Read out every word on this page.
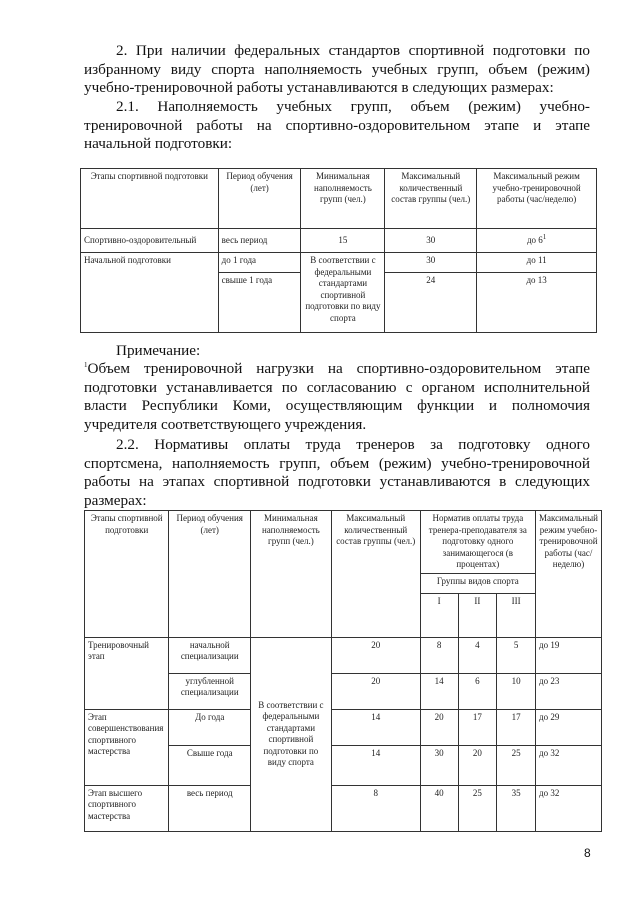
2. При наличии федеральных стандартов спортивной подготовки по избранному виду спорта наполняемость учебных групп, объем (режим) учебно-тренировочной работы устанавливаются в следующих размерах:
2.1. Наполняемость учебных групп, объем (режим) учебно-тренировочной работы на спортивно-оздоровительном этапе и этапе начальной подготовки:
Этапы спортивной подготовки	Период обучения (лет)	Минимальная наполняемость групп (чел.)	Максимальный количественный состав группы (чел.)	Максимальный режим учебно-тренировочной работы (час/неделю)
Спортивно-оздоровительный	весь период	15	30	до $6^1$
Начальной подготовки	до 1 года	В соответствии с федеральными стандартами спортивной подготовки по виду спорта	30	до 11
	свыше 1 года		24	до 13
Примечание:
$^1$Объем тренировочной нагрузки на спортивно-оздоровительном этапе подготовки устанавливается по согласованию с органом исполнительной власти Республики Коми, осуществляющим функции и полномочия учредителя соответствующего учреждения.
2.2. Нормативы оплаты труда тренеров за подготовку одного спортсмена, наполняемость групп, объем (режим) учебно-тренировочной работы на этапах спортивной подготовки устанавливаются в следующих размерах:
Этапы спортивной подготовки	Период обучения (лет)	Минимальная наполняемость групп (чел.)	Максимальный количественный состав группы (чел.)	Норматив оплаты труда тренера-преподавателя за подготовку одного занимающегося (в процентах)			Максимальный режим учебно-тренировочной работы (час/неделю)
				Группы видов спорта			
				I	II	III	
Тренировочный этап	начальной специализации	В соответствии с федеральными стандартами спортивной подготовки по виду спорта	20	8	4	5	до 19
	углубленной специализации		20	14	6	10	до 23
Этап совершенствования спортивного мастерства	До года		14	20	17	17	до 29
	Свыше года		14	30	20	25	до 32
Этап высшего спортивного мастерства	весь период		8	40	25	35	до 32
8
